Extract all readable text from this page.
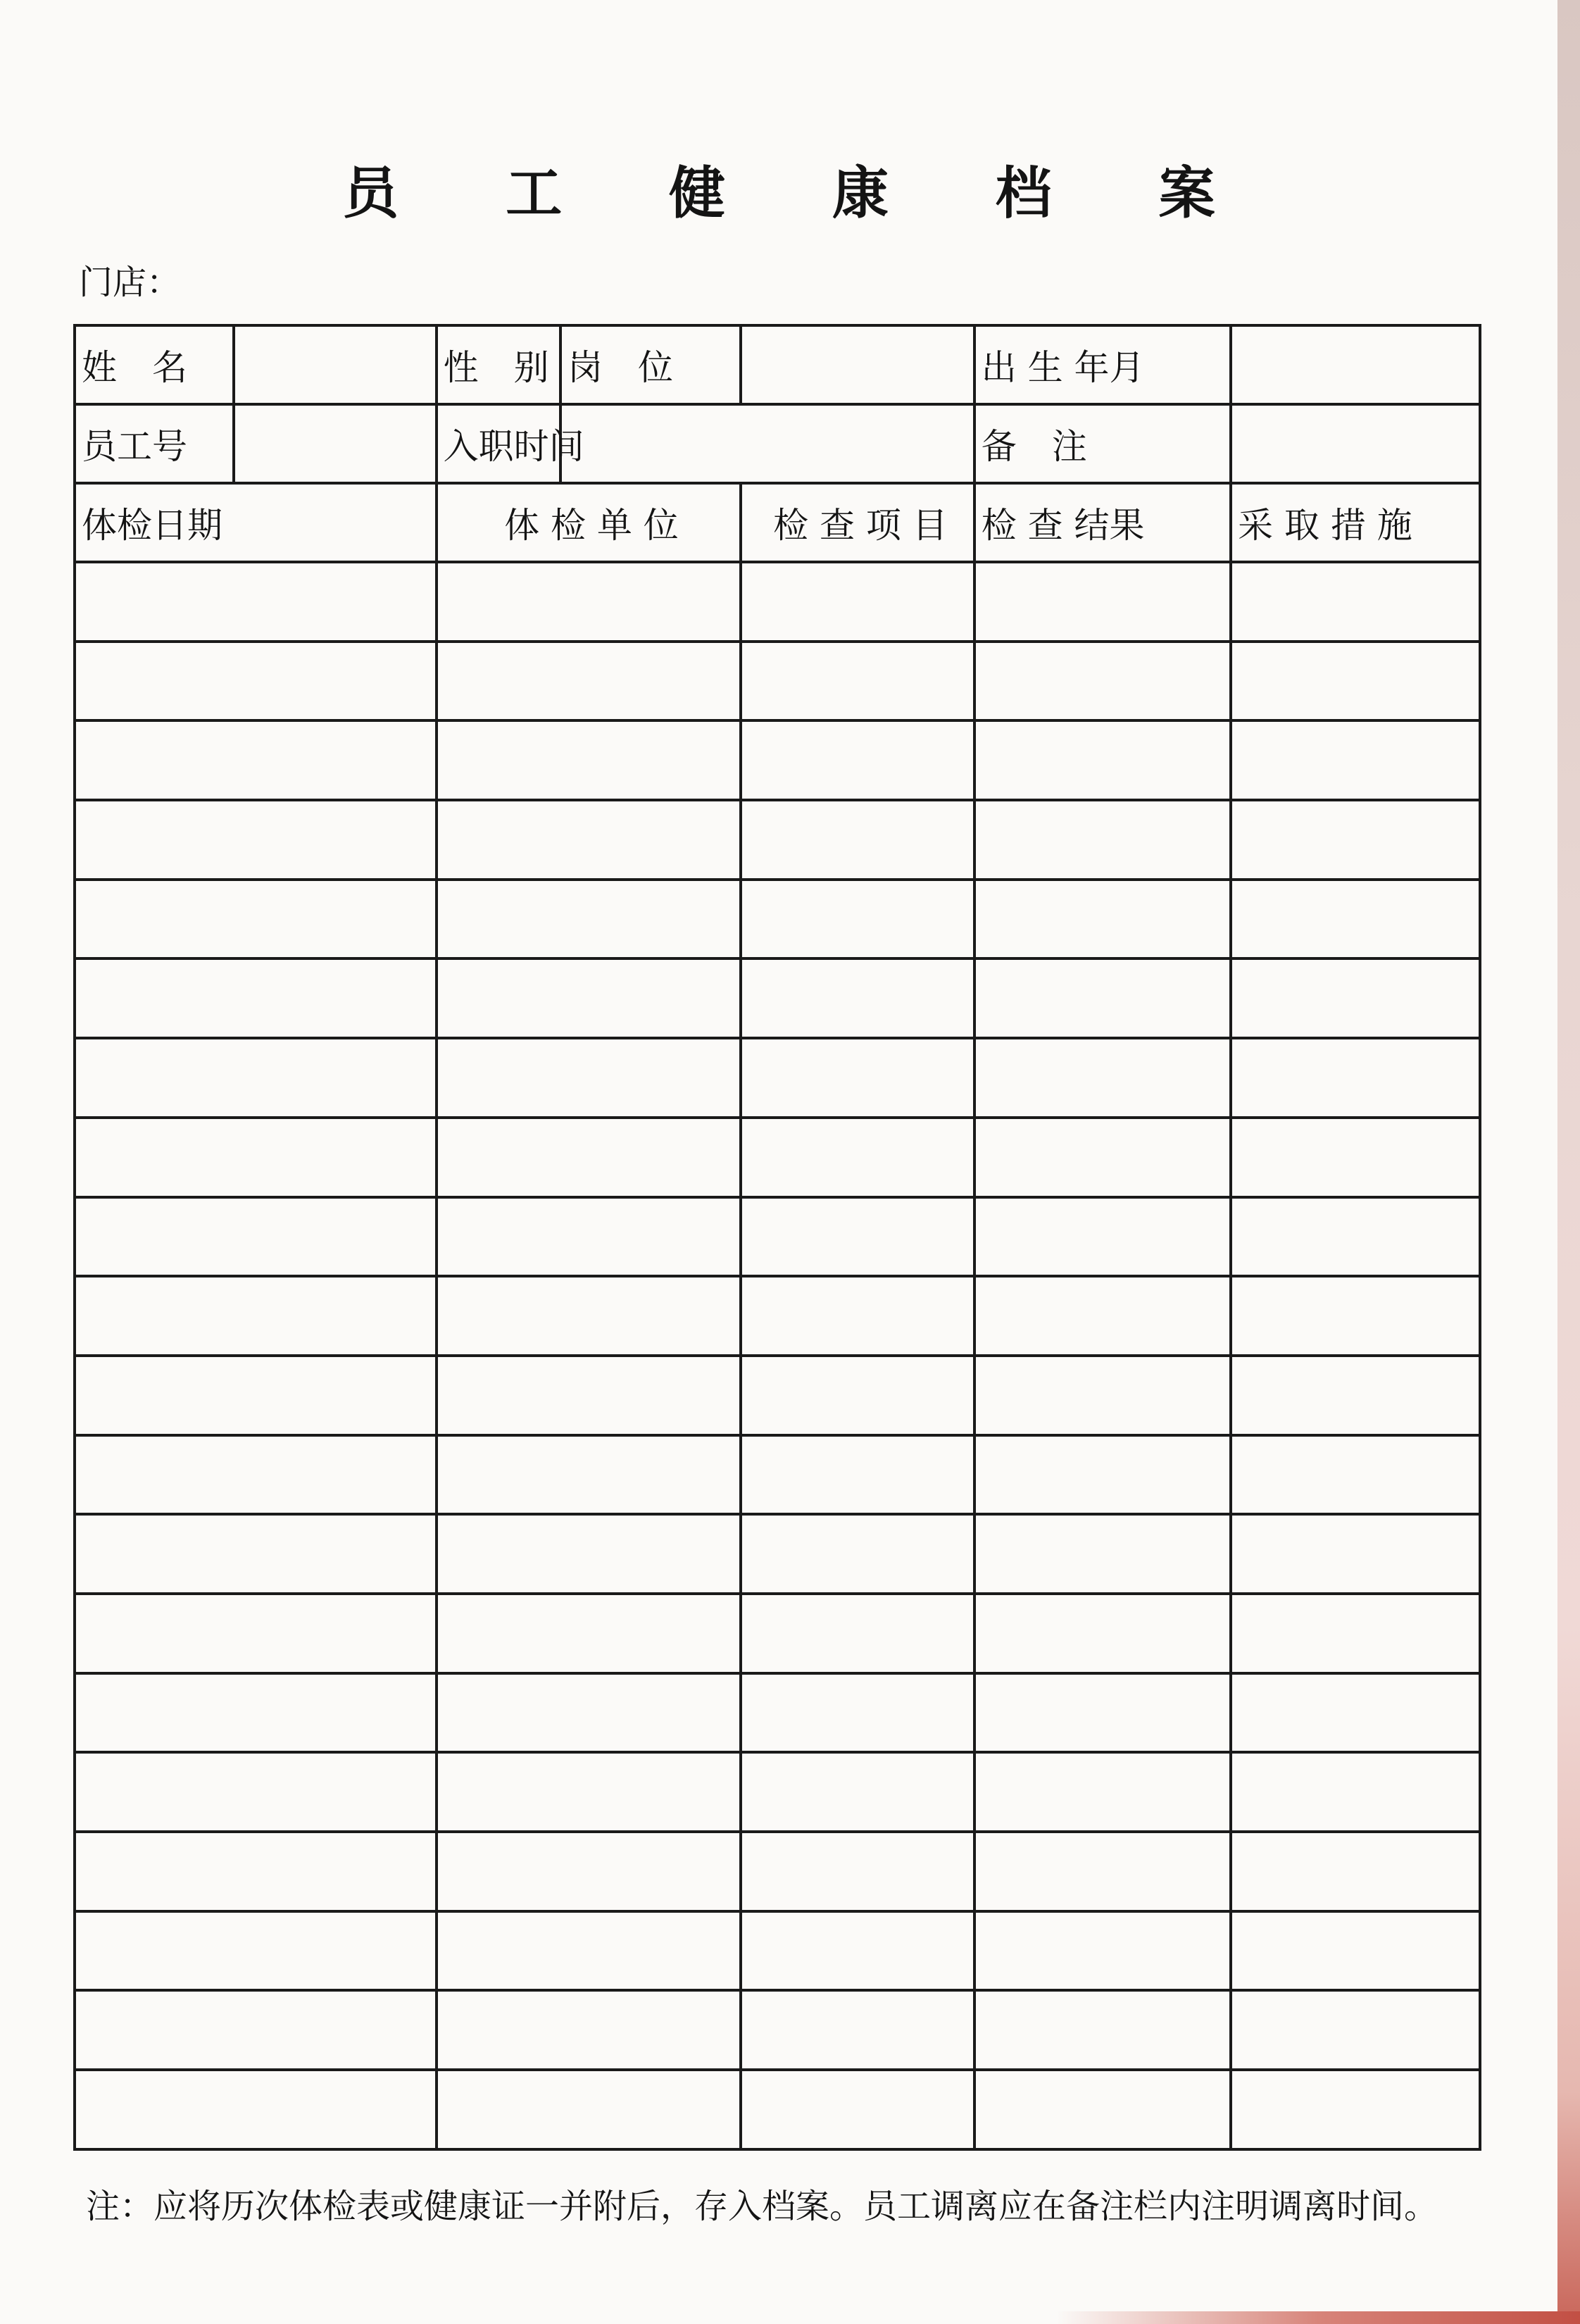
员 工 健 康 档 案
门店：
姓　名		性　别	岗　位		出 生 年月	
员工号		入职时间			备　注	
体检日期		体 检 单 位		检 查 项 目	检 查 结果	采 取 措 施

注：应将历次体检表或健康证一并附后，存入档案。员工调离应在备注栏内注明调离时间。
